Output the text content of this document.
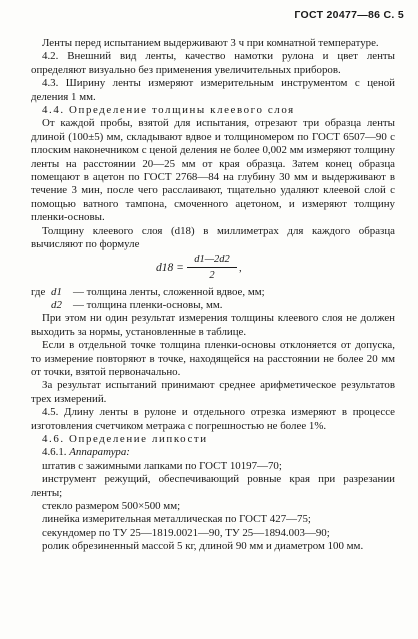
ГОСТ 20477—86 С. 5

Ленты перед испытанием выдерживают 3 ч при комнатной температуре.

4.2. Внешний вид ленты, качество намотки рулона и цвет ленты определяют визуально без применения увеличительных приборов.

4.3. Ширину ленты измеряют измерительным инструментом с ценой деления 1 мм.

4.4. Определение толщины клеевого слоя

От каждой пробы, взятой для испытания, отрезают три образца ленты длиной (100±5) мм, складывают вдвое и толщиномером по ГОСТ 6507—90 с плоским наконечником с ценой деления не более 0,002 мм измеряют толщину ленты на расстоянии 20—25 мм от края образца. Затем конец образца помещают в ацетон по ГОСТ 2768—84 на глубину 30 мм и выдерживают в течение 3 мин, после чего расслаивают, тщательно удаляют клеевой слой с помощью ватного тампона, смоченного ацетоном, и измеряют толщину пленки-основы.

Толщину клеевого слоя (d18) в миллиметрах для каждого образца вычисляют по формуле

d18 =
d1—2d2
2
,
где d1	— толщина ленты, сложенной вдвое, мм;
d2	— толщина пленки-основы, мм.

При этом ни один результат измерения толщины клеевого слоя не должен выходить за нормы, установленные в таблице.

Если в отдельной точке толщина пленки-основы отклоняется от допуска, то измерение повторяют в точке, находящейся на расстоянии не более 20 мм от точки, взятой первоначально.

За результат испытаний принимают среднее арифметическое результатов трех измерений.

4.5. Длину ленты в рулоне и отдельного отрезка измеряют в процессе изготовления счетчиком метража с погрешностью не более 1%.

4.6. Определение липкости

4.6.1. Аппаратура:

штатив с зажимными лапками по ГОСТ 10197—70;

инструмент режущий, обеспечивающий ровные края при разрезании ленты;

стекло размером 500×500 мм;

линейка измерительная металлическая по ГОСТ 427—75;

секундомер по ТУ 25—1819.0021—90, ТУ 25—1894.003—90;

ролик обрезиненный массой 5 кг, длиной 90 мм и диаметром 100 мм.
